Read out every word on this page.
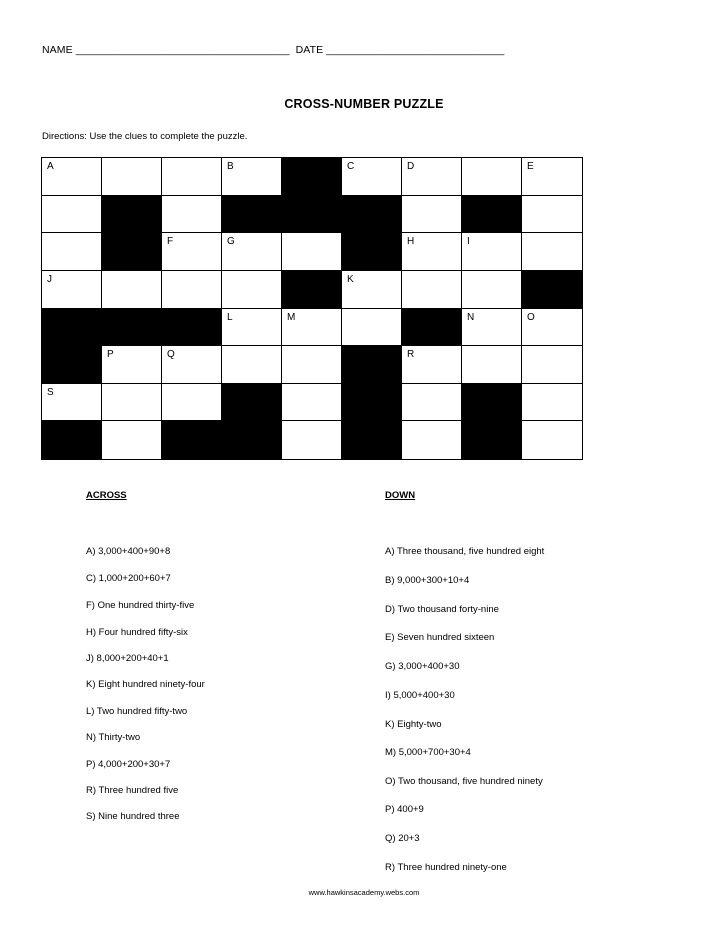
NAME ____________________________________  DATE ______________________________
CROSS-NUMBER PUZZLE
Directions: Use the clues to complete the puzzle.
A	B	C	D	E
F	G	H	I
J	K
L	M	N	O
P	Q	R
S
ACROSS	DOWN
A) 3,000+400+90+8
C) 1,000+200+60+7
F) One hundred thirty-five
H) Four hundred fifty-six
J) 8,000+200+40+1
K) Eight hundred ninety-four
L) Two hundred fifty-two
N) Thirty-two
P) 4,000+200+30+7
R) Three hundred five
S) Nine hundred three
A) Three thousand, five hundred eight
B) 9,000+300+10+4
D) Two thousand forty-nine
E) Seven hundred sixteen
G) 3,000+400+30
I) 5,000+400+30
K) Eighty-two
M) 5,000+700+30+4
O) Two thousand, five hundred ninety
P) 400+9
Q) 20+3
R) Three hundred ninety-one
www.hawkinsacademy.webs.com
